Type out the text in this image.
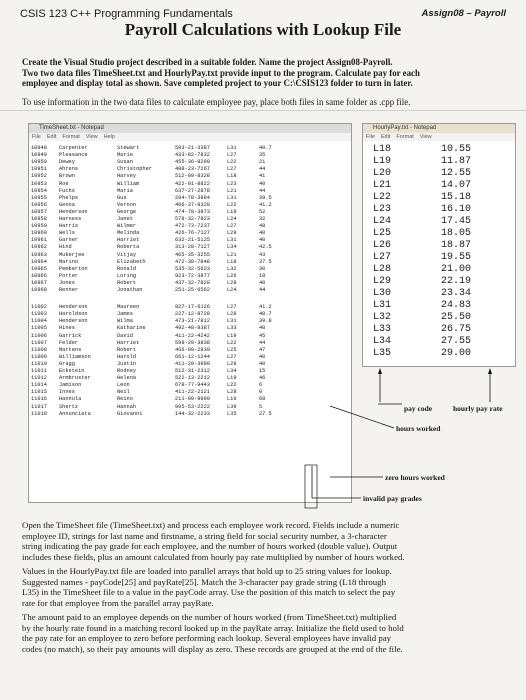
CSIS 123 C++ Programming Fundamentals	Assign08 – Payroll
Payroll Calculations with Lookup File
Create the Visual Studio project described in a suitable folder. Name the project Assign08-Payroll.
Two two data files TimeSheet.txt and HourlyPay.txt provide input to the program. Calculate pay for each
employee and display total as shown. Save completed project to your C:\CSIS123 folder to turn in later.
To use information in the two data files to calculate employee pay, place both files in same folder as .cpp file.
TimeSheet.txt - Notepad
File Edit Format View Help
10948 Carpenter	Stewart	503-21-3387	L31	40.7
10949 Pleasance	Marie	433-82-7832	L27	35
10950 Dewey	Susan	455-36-8299	L22	21
10951 Ahrens	Christopher	488-23-7267	L27	44
10952 Brown	Harvey	512-89-8328	L18	41
10953 Roe	William	422-91-8822	L23	40
10954 Fuchs	Maria	637-27-2878	L21	44
10955 Phelps	Gus	284-78-3884	L31	39.5
10956 Genoa	Vernon	466-37-8328	L22	41.2
10957 Henderson	George	474-78-3873	L19	52
10958 Harness	Janet	578-32-7823	L24	32
10959 Harris	Wilmer	472-73-7237	L27	48
10960 Wells	Melinda	426-76-7127	L29	40
10961 Garner	Harriet	632-21-5125	L31	40
10962 Hind	Roberta	313-28-7127	L34	42.5
10963 Mukerjee	Vitjay	465-35-3255	L21	43
10964 Marino	Elizabeth	472-38-7848	L18	37.5
10965 Pemberton	Ronald	535-32-5623	L32	30
10966 Porter	Loring	923-72-3877	L26	18
10967 Jones	Robert	437-32-7828	L28	40
10968 Renner	Jonathan	251-25-6562	L24	44
11002 Henderson	Maureen	827-17-6126	L27	41.2
11003 Haroldson	James	227-12-8728	L28	40.7
11004 Henderson	Wilma	473-21-7812	L31	39.8
11005 Hines	Katharine	492-48-8387	L33	40
11006 Garrick	David	411-22-4242	L19	45
11007 Felder	Harriet	599-29-3838	L22	44
11008 Martens	Robert	466-99-2839	L25	47
11009 Williamson	Harold	661-12-1244	L27	40
11010 Gragg	Justin	411-20-3999	L29	40
11011 Eckstein	Rodney	512-31-2312	L34	15
11012 Armbruster	Helena	522-13-2212	L19	46
11014 Jamison	Leon	678-77-9443	L22	6
11015 Innes	Neil	411-22-2121	L28	0
11016 Hannula	Reino	211-99-9999	L10	68
11017 Shertz	Hannah	905-53-2222	L39	5
11018 Annunciata	Giovanni	144-32-2233	L35	27.5
HourlyPay.txt - Notepad
File Edit Format View
L18	10.55
L19	11.87
L20	12.55
L21	14.07
L22	15.18
L23	16.10
L24	17.45
L25	18.05
L26	18.87
L27	19.55
L28	21.00
L29	22.19
L30	23.34
L31	24.83
L32	25.50
L33	26.75
L34	27.55
L35	29.00
pay code	hourly pay rate
hours worked
zero hours worked
invalid pay grades
Open the TimeSheet file (TimeSheet.txt) and process each employee work record. Fields include a numeric
employee ID, strings for last name and firstname, a string field for social security number, a 3-character
string indicating the pay grade for each employee, and the number of hours worked (double value). Output
includes these fields, plus an amount calculated from hourly pay rate multiplied by number of hours worked.
Values in the HourlyPay.txt file are loaded into parallel arrays that hold up to 25 string values for lookup.
Suggested names - payCode[25] and payRate[25]. Match the 3-character pay grade string (L18 through
L35) in the TimeSheet file to a value in the payCode array. Use the position of this match to select the pay
rate for that employee from the parallel array payRate.
The amount paid to an employee depends on the number of hours worked (from TimeSheet.txt) multiplied
by the hourly rate found in a matching record looked up in the payRate array. Initialize the field used to hold
the pay rate for an employee to zero before performing each lookup. Several employees have invalid pay
codes (no match), so their pay amounts will display as zero. These records are grouped at the end of the file.
